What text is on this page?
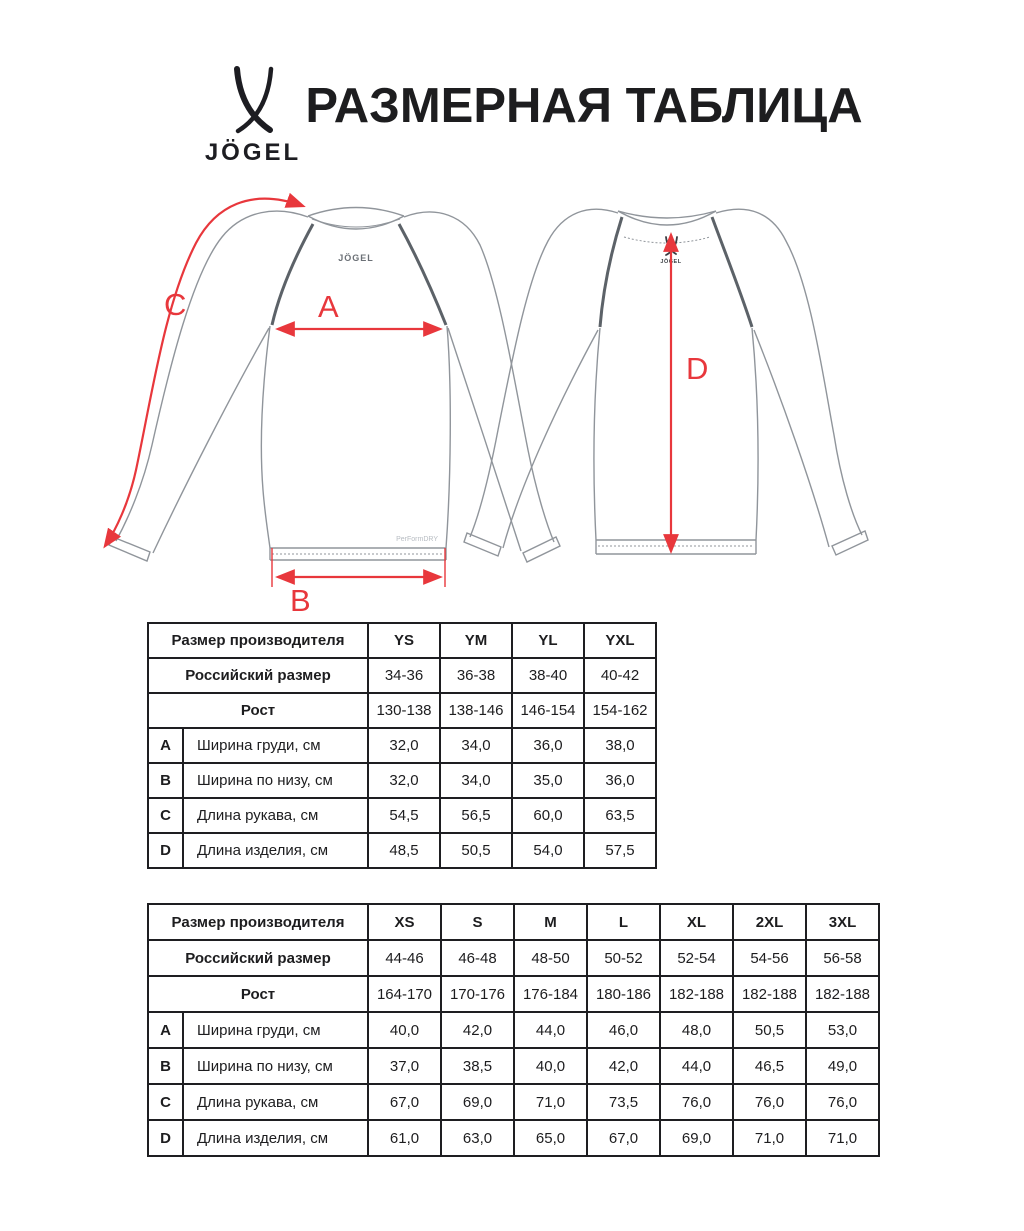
JÖGEL
РАЗМЕРНАЯ ТАБЛИЦА
JÖGEL
PerFormDRY
A
B
C
JÖGEL
D
Размер производителя		YS	YM	YL	YXL
Российский размер		34-36	36-38	38-40	40-42
Рост		130-138	138-146	146-154	154-162
A	Ширина груди, см	32,0	34,0	36,0	38,0
B	Ширина по низу, см	32,0	34,0	35,0	36,0
C	Длина рукава, см	54,5	56,5	60,0	63,5
D	Длина изделия, см	48,5	50,5	54,0	57,5
Размер производителя		XS	S	M	L	XL	2XL	3XL
Российский размер		44-46	46-48	48-50	50-52	52-54	54-56	56-58
Рост		164-170	170-176	176-184	180-186	182-188	182-188	182-188
A	Ширина груди, см	40,0	42,0	44,0	46,0	48,0	50,5	53,0
B	Ширина по низу, см	37,0	38,5	40,0	42,0	44,0	46,5	49,0
C	Длина рукава, см	67,0	69,0	71,0	73,5	76,0	76,0	76,0
D	Длина изделия, см	61,0	63,0	65,0	67,0	69,0	71,0	71,0
